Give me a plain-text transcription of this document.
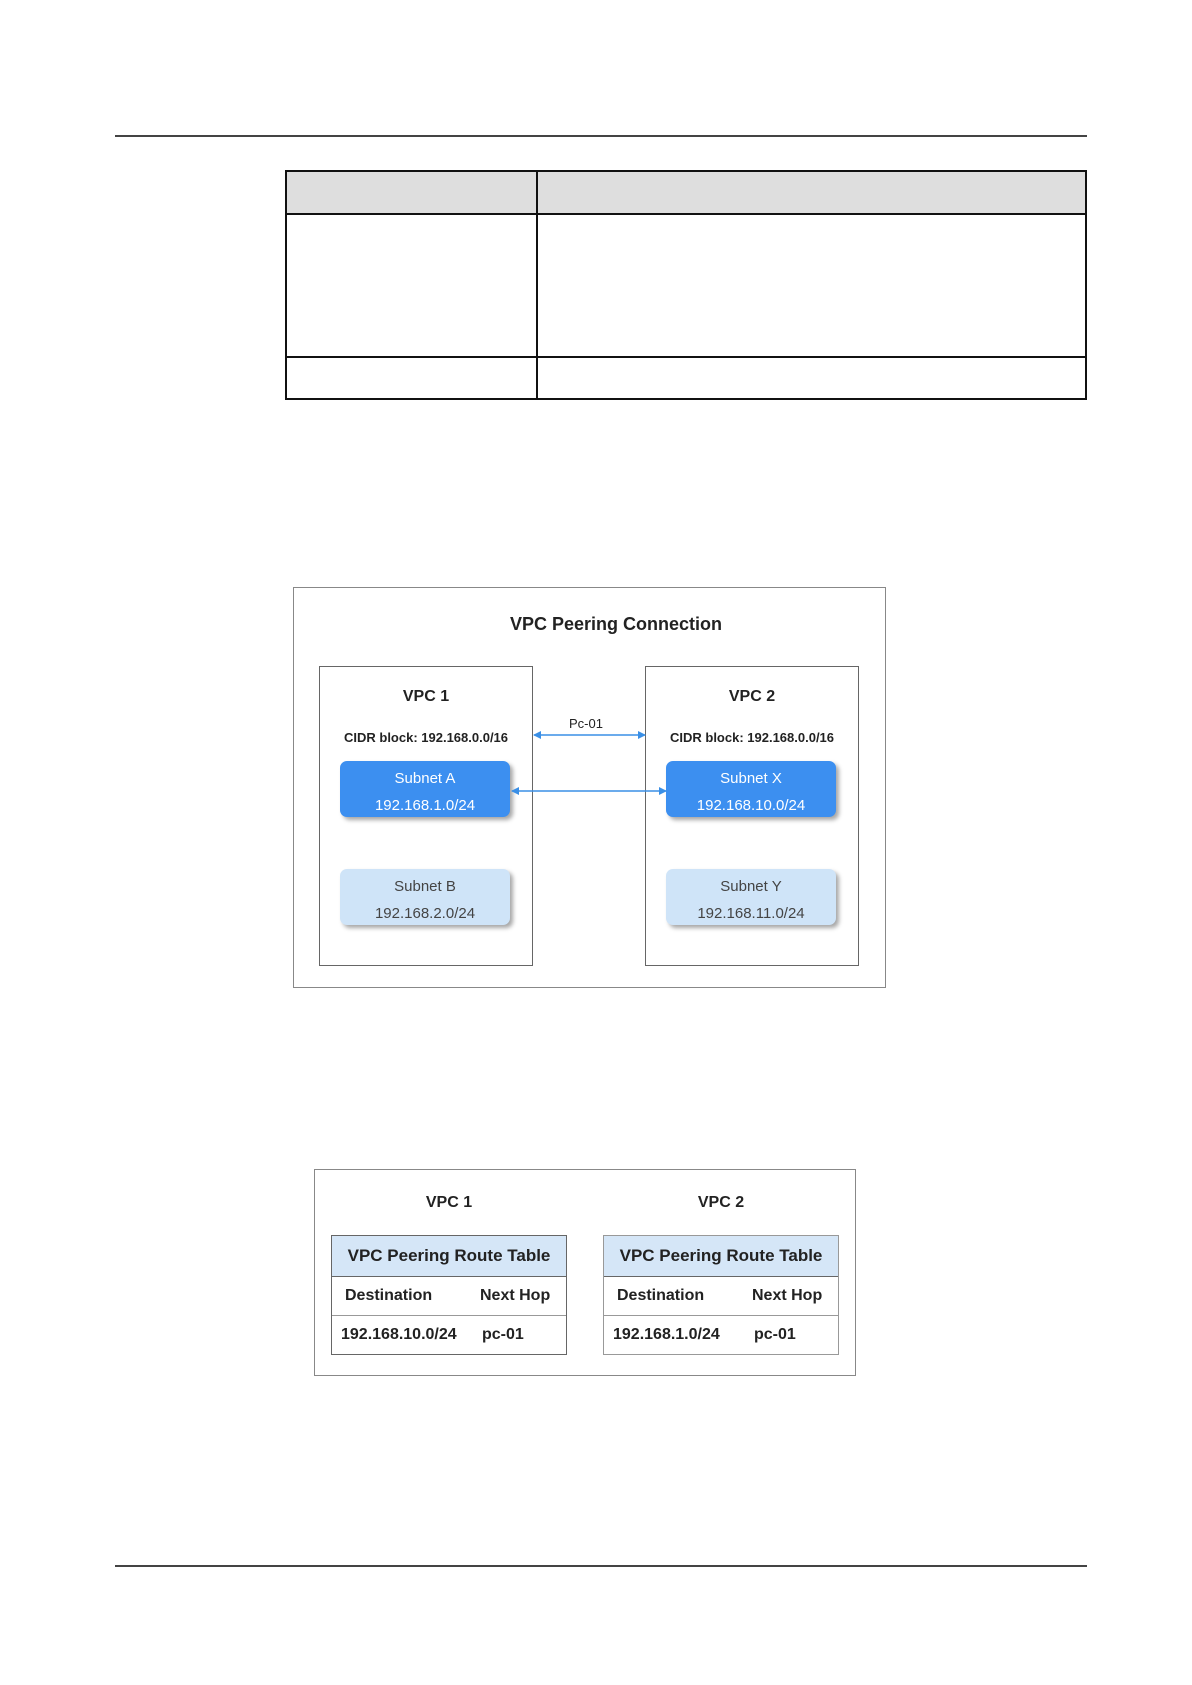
VPC Peering Connection
VPC 1
CIDR block: 192.168.0.0/16
VPC 2
CIDR block: 192.168.0.0/16
Pc-01
Subnet A
192.168.1.0/24
Subnet B
192.168.2.0/24
Subnet X
192.168.10.0/24
Subnet Y
192.168.11.0/24
VPC 1
VPC Peering Route Table
Destination	Next Hop
192.168.10.0/24 pc-01
VPC 2
VPC Peering Route Table
Destination	Next Hop
192.168.1.0/24 pc-01
